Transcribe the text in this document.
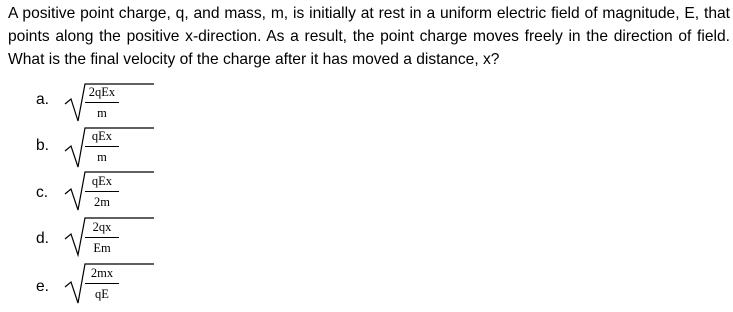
A positive point charge, q, and mass, m, is initially at rest in a uniform electric field of magnitude, E, that points along the positive x-direction. As a result, the point charge moves freely in the direction of field. What is the final velocity of the charge after it has moved a distance, x?
a.	2qEx
m
b.
qEx
m
c.
qEx
2m
d.
2qx
Em
e.
2mx
qE
